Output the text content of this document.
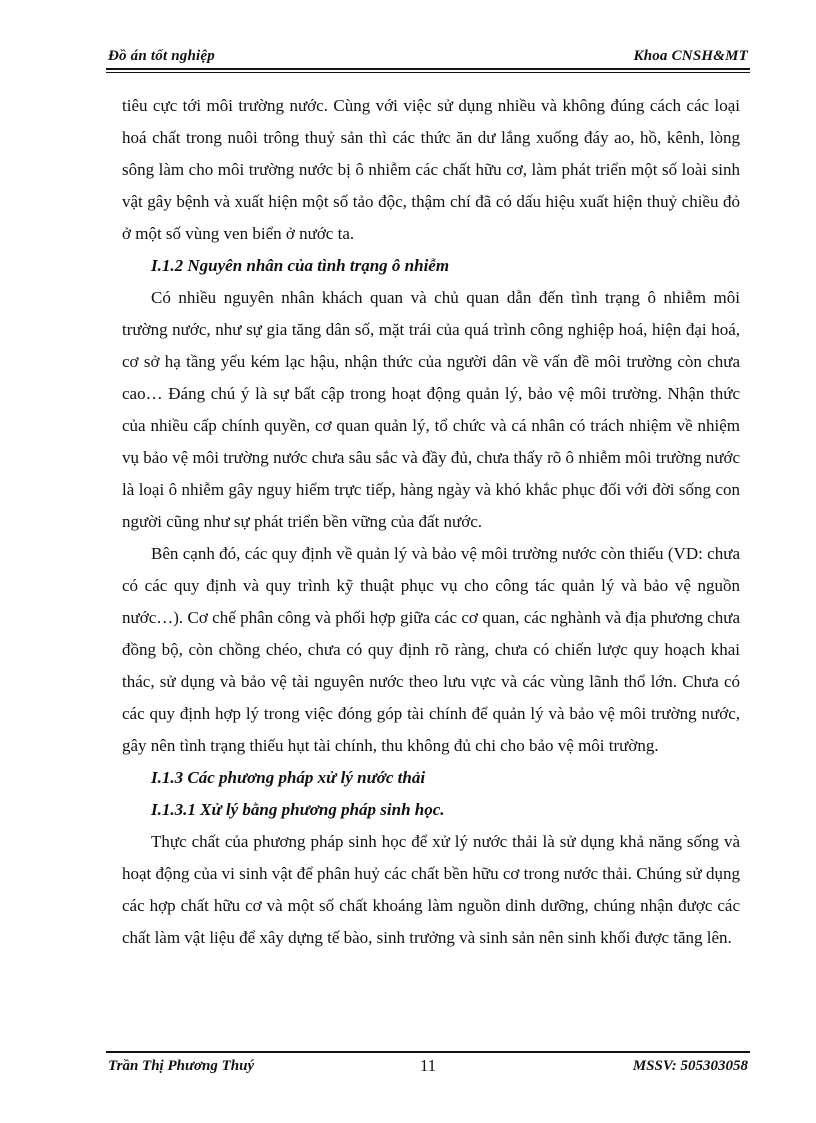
Đồ án tốt nghiệp	Khoa CNSH&MT

tiêu cực tới môi trường nước. Cùng với việc sử dụng nhiều và không đúng cách các loại hoá chất trong nuôi trông thuỷ sản thì các thức ăn dư lắng xuống đáy ao, hồ, kênh, lòng sông làm cho môi trường nước bị ô nhiễm các chất hữu cơ, làm phát triển một số loài sinh vật gây bệnh và xuất hiện một số tảo độc, thậm chí đã có dấu hiệu xuất hiện thuỷ chiều đỏ ở một số vùng ven biển ở nước ta.

I.1.2 Nguyên nhân của tình trạng ô nhiễm

Có nhiều nguyên nhân khách quan và chủ quan dẫn đến tình trạng ô nhiễm môi trường nước, như sự gia tăng dân số, mặt trái của quá trình công nghiệp hoá, hiện đại hoá, cơ sở hạ tầng yếu kém lạc hậu, nhận thức của người dân về vấn đề môi trường còn chưa cao… Đáng chú ý là sự bất cập trong hoạt động quản lý, bảo vệ môi trường. Nhận thức của nhiều cấp chính quyền, cơ quan quản lý, tổ chức và cá nhân có trách nhiệm về nhiệm vụ bảo vệ môi trường nước chưa sâu sắc và đầy đủ, chưa thấy rõ ô nhiễm môi trường nước là loại ô nhiễm gây nguy hiểm trực tiếp, hàng ngày và khó khắc phục đối với đời sống con người cũng như sự phát triển bền vững của đất nước.

Bên cạnh đó, các quy định về quản lý và bảo vệ môi trường nước còn thiếu (VD: chưa có các quy định và quy trình kỹ thuật phục vụ cho công tác quản lý và bảo vệ nguồn nước…). Cơ chế phân công và phối hợp giữa các cơ quan, các nghành và địa phương chưa đồng bộ, còn chồng chéo, chưa có quy định rõ ràng, chưa có chiến lược quy hoạch khai thác, sử dụng và bảo vệ tài nguyên nước theo lưu vực và các vùng lãnh thổ lớn. Chưa có các quy định hợp lý trong việc đóng góp tài chính để quản lý và bảo vệ môi trường nước, gây nên tình trạng thiếu hụt tài chính, thu không đủ chi cho bảo vệ môi trường.

I.1.3 Các phương pháp xử lý nước thải
I.1.3.1 Xử lý bằng phương pháp sinh học.

Thực chất của phương pháp sinh học để xử lý nước thải là sử dụng khả năng sống và hoạt động của vi sinh vật để phân huỷ các chất bền hữu cơ trong nước thải. Chúng sử dụng các hợp chất hữu cơ và một số chất khoáng làm nguồn dinh dưỡng, chúng nhận được các chất làm vật liệu để xây dựng tế bào, sinh trưởng và sinh sản nên sinh khối được tăng lên.

Trần Thị Phương Thuý	11	MSSV: 505303058
